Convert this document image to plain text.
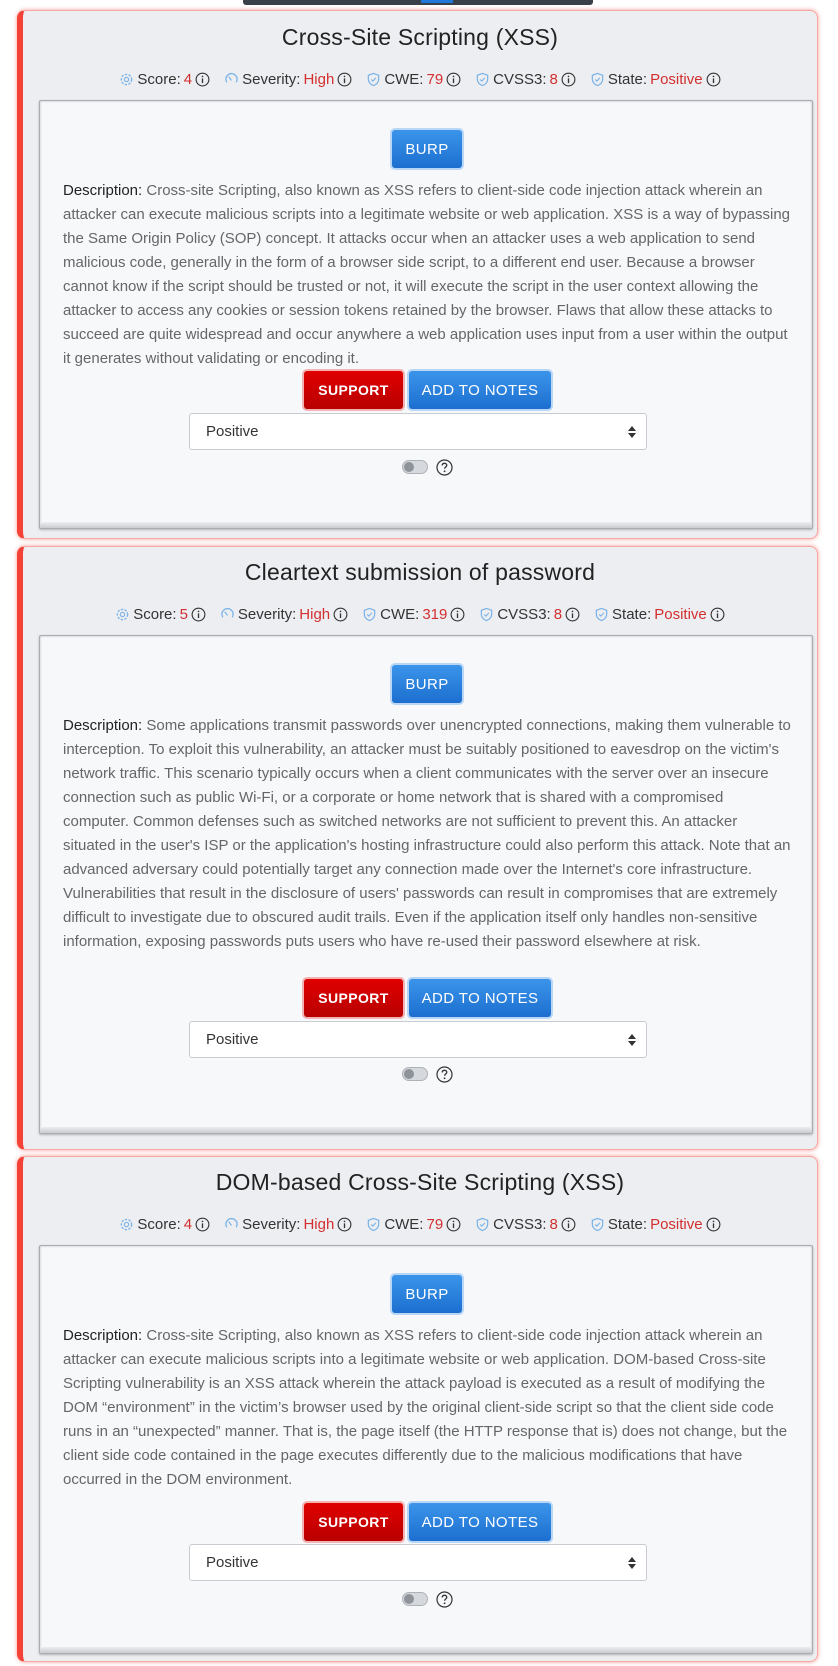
Cross-Site Scripting (XSS)
Score: 4	Severity: High	CWE: 79	CVSS3: 8	State: Positive
BURP

Description: Cross-site Scripting, also known as XSS refers to client-side code injection attack wherein an attacker can execute malicious scripts into a legitimate website or web application. XSS is a way of bypassing the Same Origin Policy (SOP) concept. It attacks occur when an attacker uses a web application to send malicious code, generally in the form of a browser side script, to a different end user. Because a browser cannot know if the script should be trusted or not, it will execute the script in the user context allowing the attacker to access any cookies or session tokens retained by the browser. Flaws that allow these attacks to succeed are quite widespread and occur anywhere a web application uses input from a user within the output it generates without validating or encoding it.

SUPPORT	ADD TO NOTES
Positive
Cleartext submission of password
Score: 5	Severity: High	CWE: 319	CVSS3: 8	State: Positive
BURP

Description: Some applications transmit passwords over unencrypted connections, making them vulnerable to interception. To exploit this vulnerability, an attacker must be suitably positioned to eavesdrop on the victim's network traffic. This scenario typically occurs when a client communicates with the server over an insecure connection such as public Wi-Fi, or a corporate or home network that is shared with a compromised computer. Common defenses such as switched networks are not sufficient to prevent this. An attacker situated in the user's ISP or the application's hosting infrastructure could also perform this attack. Note that an advanced adversary could potentially target any connection made over the Internet's core infrastructure. Vulnerabilities that result in the disclosure of users' passwords can result in compromises that are extremely difficult to investigate due to obscured audit trails. Even if the application itself only handles non-sensitive information, exposing passwords puts users who have re-used their password elsewhere at risk.

SUPPORT	ADD TO NOTES
Positive
DOM-based Cross-Site Scripting (XSS)
Score: 4	Severity: High	CWE: 79	CVSS3: 8	State: Positive
BURP

Description: Cross-site Scripting, also known as XSS refers to client-side code injection attack wherein an attacker can execute malicious scripts into a legitimate website or web application. DOM-based Cross-site Scripting vulnerability is an XSS attack wherein the attack payload is executed as a result of modifying the DOM “environment” in the victim’s browser used by the original client-side script so that the client side code runs in an “unexpected” manner. That is, the page itself (the HTTP response that is) does not change, but the client side code contained in the page executes differently due to the malicious modifications that have occurred in the DOM environment.

SUPPORT	ADD TO NOTES
Positive
